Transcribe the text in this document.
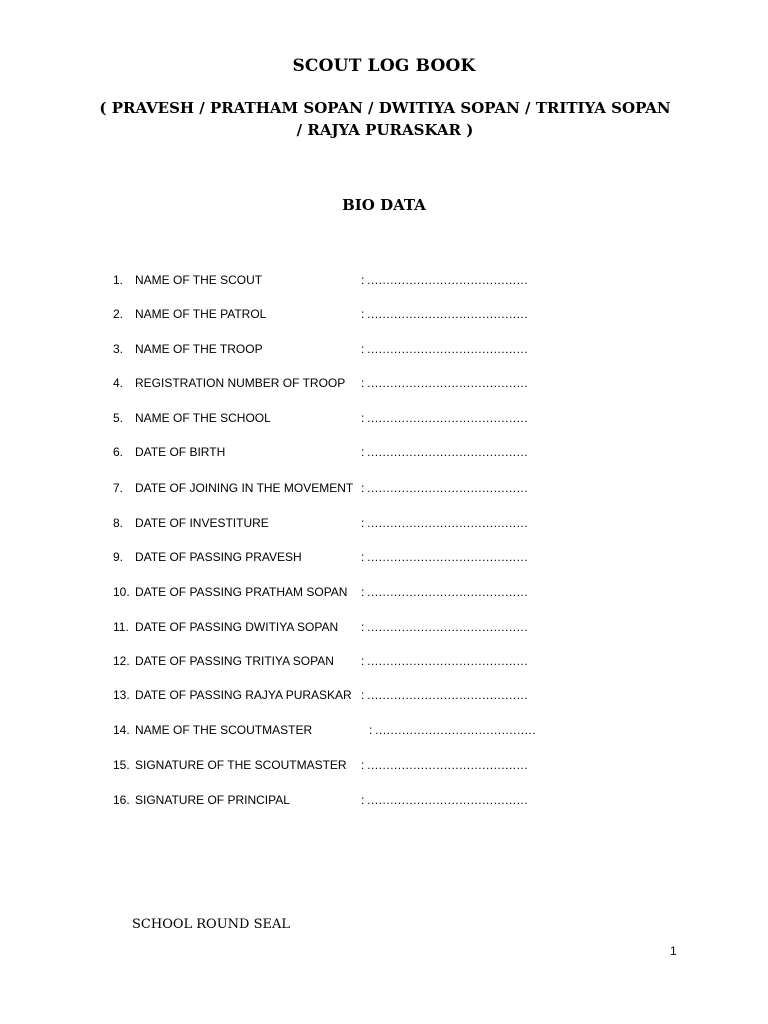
SCOUT LOG BOOK
( PRAVESH / PRATHAM SOPAN / DWITIYA SOPAN / TRITIYA SOPAN
/ RAJYA PURASKAR )
BIO DATA
1. NAME OF THE SCOUT	: ……………………………………
2. NAME OF THE PATROL	: ……………………………………
3. NAME OF THE TROOP	: ……………………………………
4. REGISTRATION NUMBER OF TROOP : ……………………………………
5. NAME OF THE SCHOOL	: ……………………………………
6. DATE OF BIRTH	: ……………………………………
7. DATE OF JOINING IN THE MOVEMENT : ……………………………………
8. DATE OF INVESTITURE	: ……………………………………
9. DATE OF PASSING PRAVESH	: ……………………………………
10. DATE OF PASSING PRATHAM SOPAN : ……………………………………
11. DATE OF PASSING DWITIYA SOPAN : ……………………………………
12. DATE OF PASSING TRITIYA SOPAN : ……………………………………
13. DATE OF PASSING RAJYA PURASKAR : ……………………………………
14. NAME OF THE SCOUTMASTER	: ……………………………………
15. SIGNATURE OF THE SCOUTMASTER : ……………………………………
16. SIGNATURE OF PRINCIPAL	: ……………………………………
SCHOOL ROUND SEAL
1
